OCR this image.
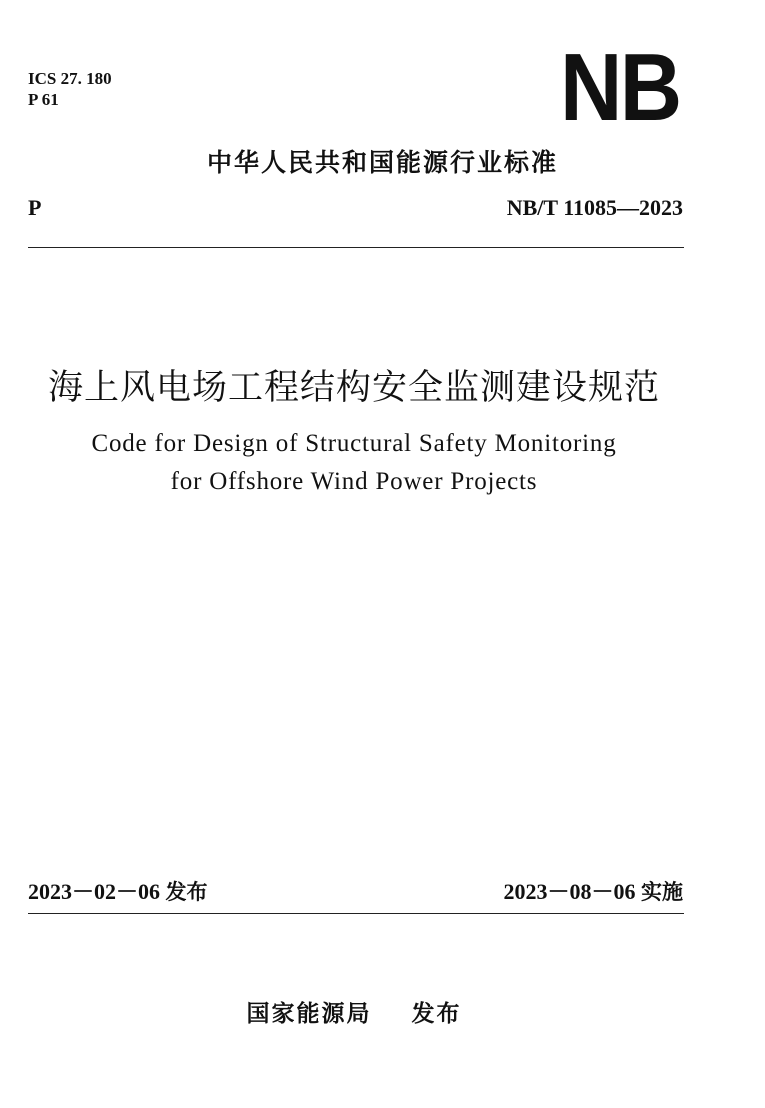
ICS 27. 180
P 61	NB
中华人民共和国能源行业标准
P	NB/T 11085—2023
海上风电场工程结构安全监测建设规范
Code for Design of Structural Safety Monitoring
for Offshore Wind Power Projects
2023－02－06 发布	2023－08－06 实施
国家能源局 发布
